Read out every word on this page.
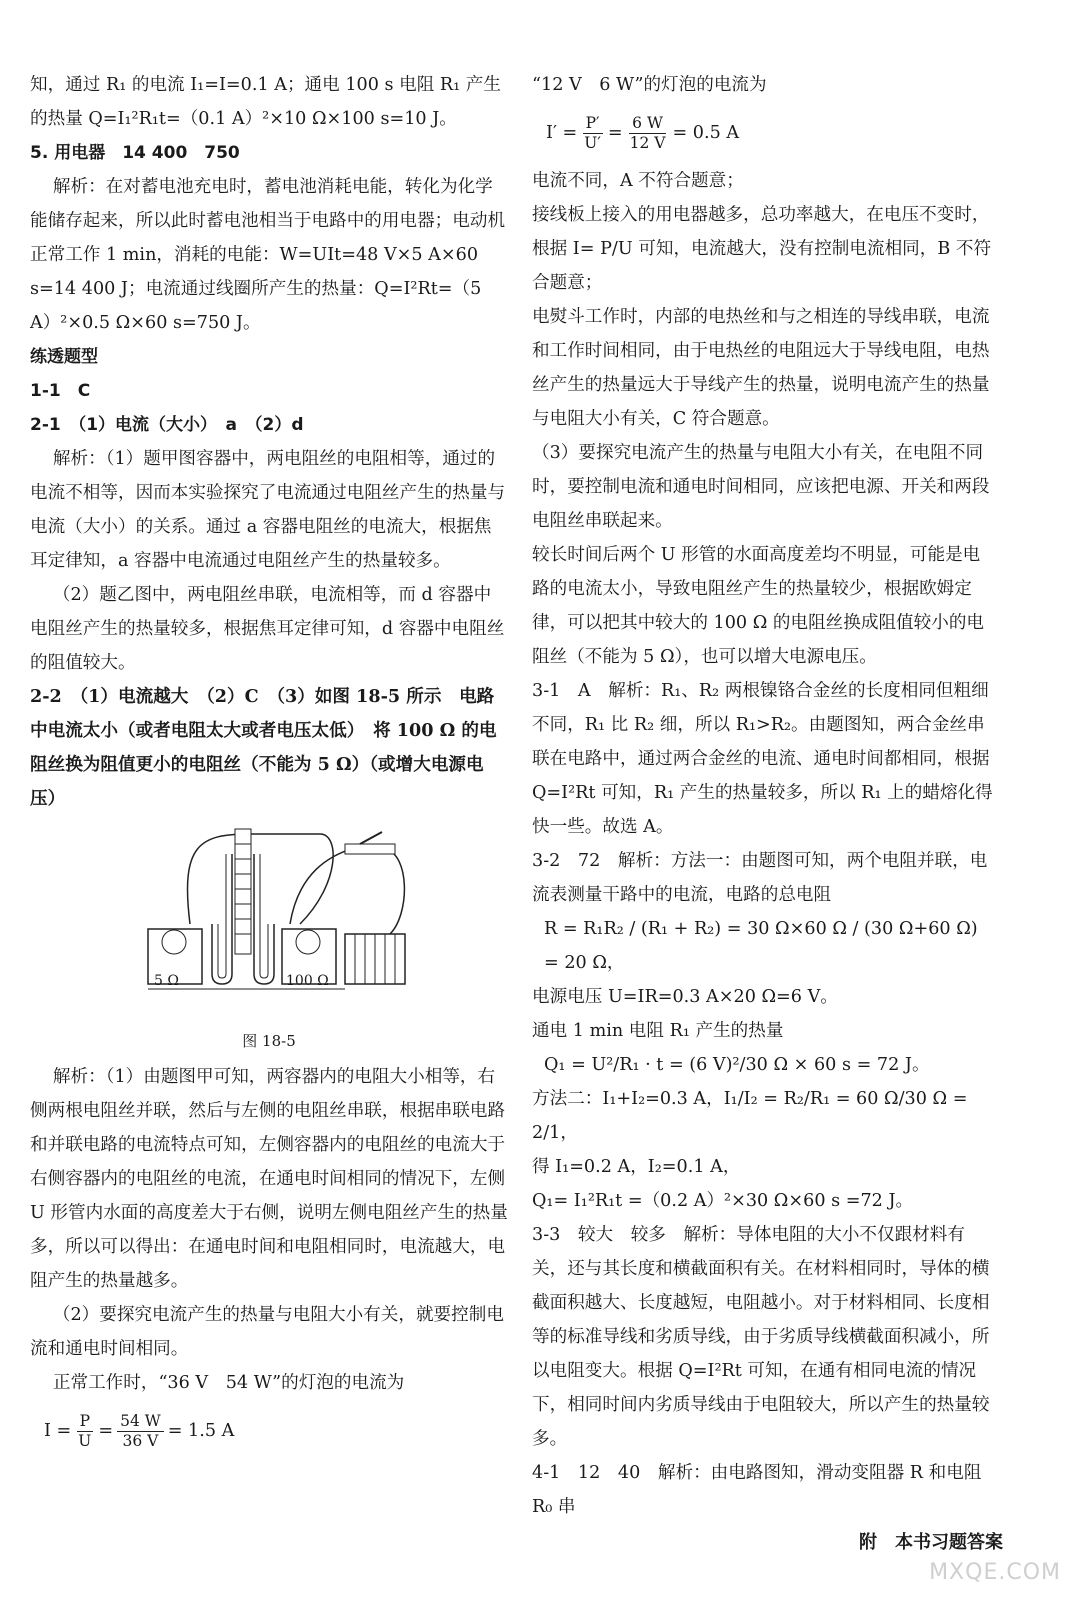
知，通过 R₁ 的电流 I₁=I=0.1 A；通电 100 s 电阻 R₁ 产生的热量 Q=I₁²R₁t=（0.1 A）²×10 Ω×100 s=10 J。

5. 用电器　14 400　750

解析：在对蓄电池充电时，蓄电池消耗电能，转化为化学能储存起来，所以此时蓄电池相当于电路中的用电器；电动机正常工作 1 min，消耗的电能：W=UIt=48 V×5 A×60 s=14 400 J；电流通过线圈所产生的热量：Q=I²Rt=（5 A）²×0.5 Ω×60 s=750 J。

练透题型

1-1　C

2-1　（1）电流（大小）　a　（2）d

解析：（1）题甲图容器中，两电阻丝的电阻相等，通过的电流不相等，因而本实验探究了电流通过电阻丝产生的热量与电流（大小）的关系。通过 a 容器电阻丝的电流大，根据焦耳定律知，a 容器中电流通过电阻丝产生的热量较多。

（2）题乙图中，两电阻丝串联，电流相等，而 d 容器中电阻丝产生的热量较多，根据焦耳定律可知，d 容器中电阻丝的阻值较大。

2-2　（1）电流越大　（2）C　（3）如图 18-5 所示　电路中电流太小（或者电阻太大或者电压太低）　将 100 Ω 的电阻丝换为阻值更小的电阻丝（不能为 5 Ω）（或增大电源电压）

5 Ω	100 Ω

图 18-5

解析：（1）由题图甲可知，两容器内的电阻大小相等，右侧两根电阻丝并联，然后与左侧的电阻丝串联，根据串联电路和并联电路的电流特点可知，左侧容器内的电阻丝的电流大于右侧容器内的电阻丝的电流，在通电时间相同的情况下，左侧 U 形管内水面的高度差大于右侧，说明左侧电阻丝产生的热量多，所以可以得出：在通电时间和电阻相同时，电流越大，电阻产生的热量越多。

（2）要探究电流产生的热量与电阻大小有关，就要控制电流和通电时间相同。

正常工作时，“36 V　54 W”的灯泡的电流为

$I = \frac{P}{U} = \frac{54 W}{36 V} = 1.5$ A

“12 V　6 W”的灯泡的电流为

$I' = \frac{P'}{U'} = \frac{6 W}{12 V} = 0.5$ A

电流不同，A 不符合题意；

接线板上接入的用电器越多，总功率越大，在电压不变时，根据 I= P/U 可知，电流越大，没有控制电流相同，B 不符合题意；

电熨斗工作时，内部的电热丝和与之相连的导线串联，电流和工作时间相同，由于电热丝的电阻远大于导线电阻，电热丝产生的热量远大于导线产生的热量，说明电流产生的热量与电阻大小有关，C 符合题意。

（3）要探究电流产生的热量与电阻大小有关，在电阻不同时，要控制电流和通电时间相同，应该把电源、开关和两段电阻丝串联起来。

较长时间后两个 U 形管的水面高度差均不明显，可能是电路的电流太小，导致电阻丝产生的热量较少，根据欧姆定律，可以把其中较大的 100 Ω 的电阻丝换成阻值较小的电阻丝（不能为 5 Ω），也可以增大电源电压。

3-1　A　解析：R₁、R₂ 两根镍铬合金丝的长度相同但粗细不同，R₁ 比 R₂ 细，所以 R₁>R₂。由题图知，两合金丝串联在电路中，通过两合金丝的电流、通电时间都相同，根据 Q=I²Rt 可知，R₁ 产生的热量较多，所以 R₁ 上的蜡熔化得快一些。故选 A。

3-2　72　解析：方法一：由题图可知，两个电阻并联，电流表测量干路中的电流，电路的总电阻

R = R₁R₂ / (R₁ + R₂) = 30 Ω×60 Ω / (30 Ω+60 Ω) = 20 Ω，

电源电压 U=IR=0.3 A×20 Ω=6 V。

通电 1 min 电阻 R₁ 产生的热量

Q₁ = U²/R₁ · t = (6 V)²/30 Ω × 60 s = 72 J。

方法二：I₁+I₂=0.3 A，I₁/I₂ = R₂/R₁ = 60 Ω/30 Ω = 2/1，

得 I₁=0.2 A，I₂=0.1 A，

Q₁= I₁²R₁t =（0.2 A）²×30 Ω×60 s =72 J。

3-3　较大　较多　解析：导体电阻的大小不仅跟材料有关，还与其长度和横截面积有关。在材料相同时，导体的横截面积越大、长度越短，电阻越小。对于材料相同、长度相等的标准导线和劣质导线，由于劣质导线横截面积减小，所以电阻变大。根据 Q=I²Rt 可知，在通有相同电流的情况下，相同时间内劣质导线由于电阻较大，所以产生的热量较多。

4-1　12　40　解析：由电路图知，滑动变阻器 R 和电阻 R₀ 串

附　本书习题答案
MXQE.COM
